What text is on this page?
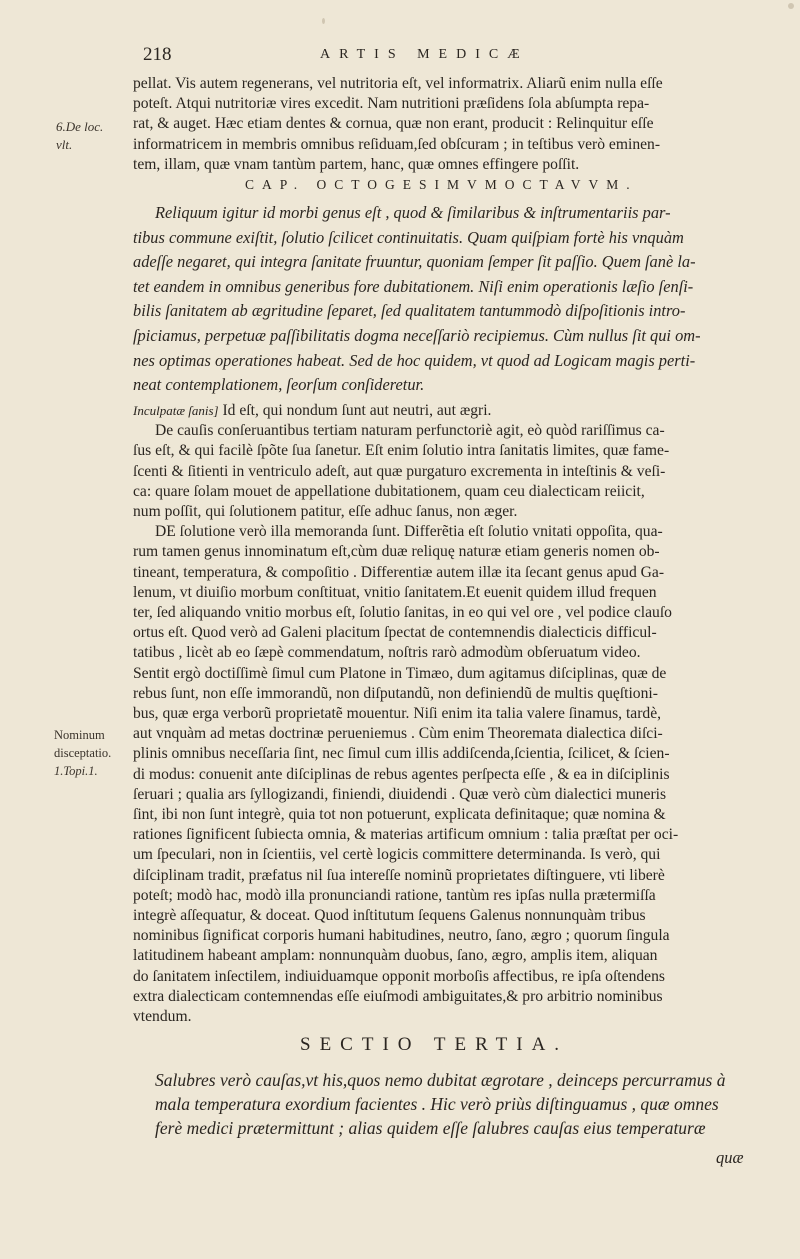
218	ARTIS MEDICÆ
6.De loc.
vlt.
Nominum
disceptatio.
1.Topi.1.
pellat. Vis autem regenerans, vel nutritoria eſt, vel informatrix. Aliarũ enim nulla eſſe
poteſt. Atqui nutritoriæ vires excedit. Nam nutritioni præſidens ſola abſumpta repa-
rat, & auget. Hæc etiam dentes & cornua, quæ non erant, producit : Relinquitur eſſe
informatricem in membris omnibus reſiduam,ſed obſcuram ; in teſtibus verò eminen-
tem, illam, quæ vnam tantùm partem, hanc, quæ omnes effingere poſſit.
CAP. OCTOGESIMVMOCTAVVM.
Reliquum igitur id morbi genus eſt , quod & ſimilaribus & inſtrumentariis par-
tibus commune exiſtit, ſolutio ſcilicet continuitatis. Quam quiſpiam fortè his vnquàm
adeſſe negaret, qui integra ſanitate fruuntur, quoniam ſemper ſit paſſio. Quem ſanè la-
tet eandem in omnibus generibus fore dubitationem. Niſi enim operationis læſio ſenſi-
bilis ſanitatem ab ægritudine ſeparet, ſed qualitatem tantummodò diſpoſitionis intro-
ſpiciamus, perpetuæ paſſibilitatis dogma neceſſariò recipiemus. Cùm nullus ſit qui om-
nes optimas operationes habeat. Sed de hoc quidem, vt quod ad Logicam magis perti-
neat contemplationem, ſeorſum conſideretur.
Inculpatæ ſanis] Id eſt, qui nondum ſunt aut neutri, aut ægri.
De cauſis conſeruantibus tertiam naturam perfunctoriè agit, eò quòd rariſſimus ca-
ſus eſt, & qui facilè ſpõte ſua ſanetur. Eſt enim ſolutio intra ſanitatis limites, quæ fame-
ſcenti & ſitienti in ventriculo adeſt, aut quæ purgaturo excrementa in inteſtinis & veſi-
ca: quare ſolam mouet de appellatione dubitationem, quam ceu dialecticam reiicit,
num poſſit, qui ſolutionem patitur, eſſe adhuc ſanus, non æger.
DE ſolutione verò illa memoranda ſunt. Differẽtia eſt ſolutio vnitati oppoſita, qua-
rum tamen genus innominatum eſt,cùm duæ reliquę naturæ etiam generis nomen ob-
tineant, temperatura, & compoſitio . Differentiæ autem illæ ita ſecant genus apud Ga-
lenum, vt diuiſio morbum conſtituat, vnitio ſanitatem.Et euenit quidem illud frequen
ter, ſed aliquando vnitio morbus eſt, ſolutio ſanitas, in eo qui vel ore , vel podice clauſo
ortus eſt. Quod verò ad Galeni placitum ſpectat de contemnendis dialecticis difficul-
tatibus , licèt ab eo ſæpè commendatum, noſtris rarò admodùm obſeruatum video.
Sentit ergò doctiſſimè ſimul cum Platone in Timæo, dum agitamus diſciplinas, quæ de
rebus ſunt, non eſſe immorandũ, non diſputandũ, non definiendũ de multis quęſtioni-
bus, quæ erga verborũ proprietatẽ mouentur. Niſi enim ita talia valere ſinamus, tardè,
aut vnquàm ad metas doctrinæ perueniemus . Cùm enim Theoremata dialectica diſci-
plinis omnibus neceſſaria ſint, nec ſimul cum illis addiſcenda,ſcientia, ſcilicet, & ſcien-
di modus: conuenit ante diſciplinas de rebus agentes perſpecta eſſe , & ea in diſciplinis
ſeruari ; qualia ars ſyllogizandi, finiendi, diuidendi . Quæ verò cùm dialectici muneris
ſint, ibi non ſunt integrè, quia tot non potuerunt, explicata definitaque; quæ nomina &
rationes ſignificent ſubiecta omnia, & materias artificum omnium : talia præſtat per oci-
um ſpeculari, non in ſcientiis, vel certè logicis committere determinanda. Is verò, qui
diſciplinam tradit, præfatus nil ſua intereſſe nominũ proprietates diſtinguere, vti liberè
poteſt; modò hac, modò illa pronunciandi ratione, tantùm res ipſas nulla prætermiſſa
integrè aſſequatur, & doceat. Quod inſtitutum ſequens Galenus nonnunquàm tribus
nominibus ſignificat corporis humani habitudines, neutro, ſano, ægro ; quorum ſingula
latitudinem habeant amplam: nonnunquàm duobus, ſano, ægro, amplis item, aliquan
do ſanitatem inſectilem, indiuiduamque opponit morboſis affectibus, re ipſa oſtendens
extra dialecticam contemnendas eſſe eiuſmodi ambiguitates,& pro arbitrio nominibus
vtendum.
SECTIO TERTIA.
Salubres verò cauſas,vt his,quos nemo dubitat ægrotare , deinceps percurramus à
mala temperatura exordium facientes . Hic verò priùs diſtinguamus , quæ omnes
ferè medici prætermittunt ; alias quidem eſſe ſalubres cauſas eius temperaturæ
quæ
